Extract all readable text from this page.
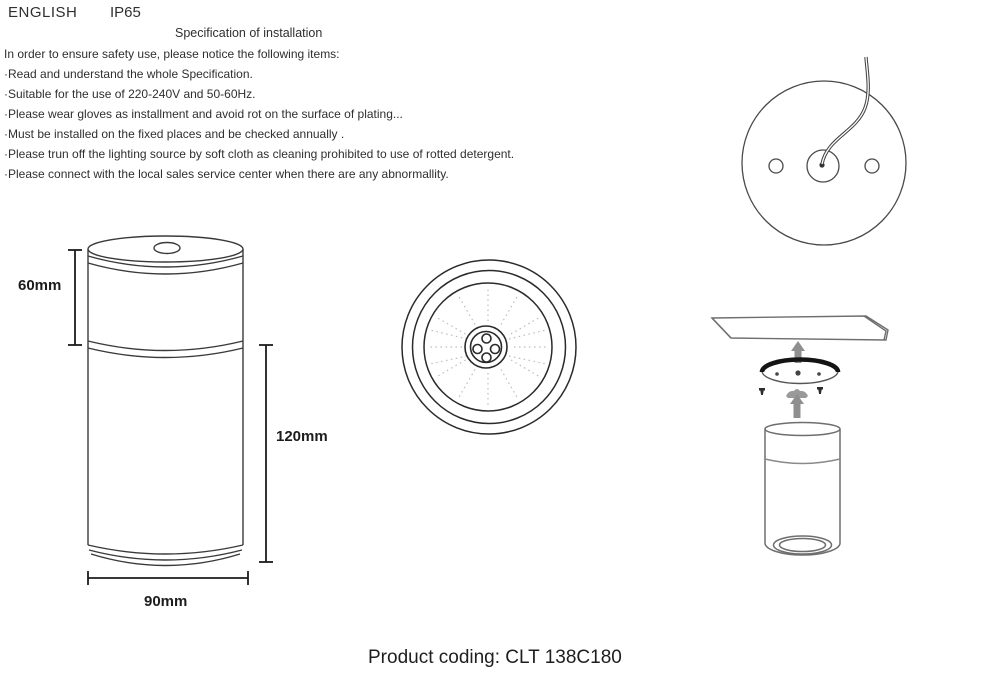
ENGLISH IP65
Specification of installation
In order to ensure safety use, please notice the following items:
·Read and understand the whole Specification.
·Suitable for the use of 220-240V and 50-60Hz.
·Please wear gloves as installment and avoid rot on the surface of plating...
·Must be installed on the fixed places and be checked annually .
·Please trun off the lighting source by soft cloth as cleaning prohibited to use of rotted detergent.
·Please connect with the local sales service center when there are any abnormallity.
60mm
120mm
90mm
Product coding: CLT 138C180
